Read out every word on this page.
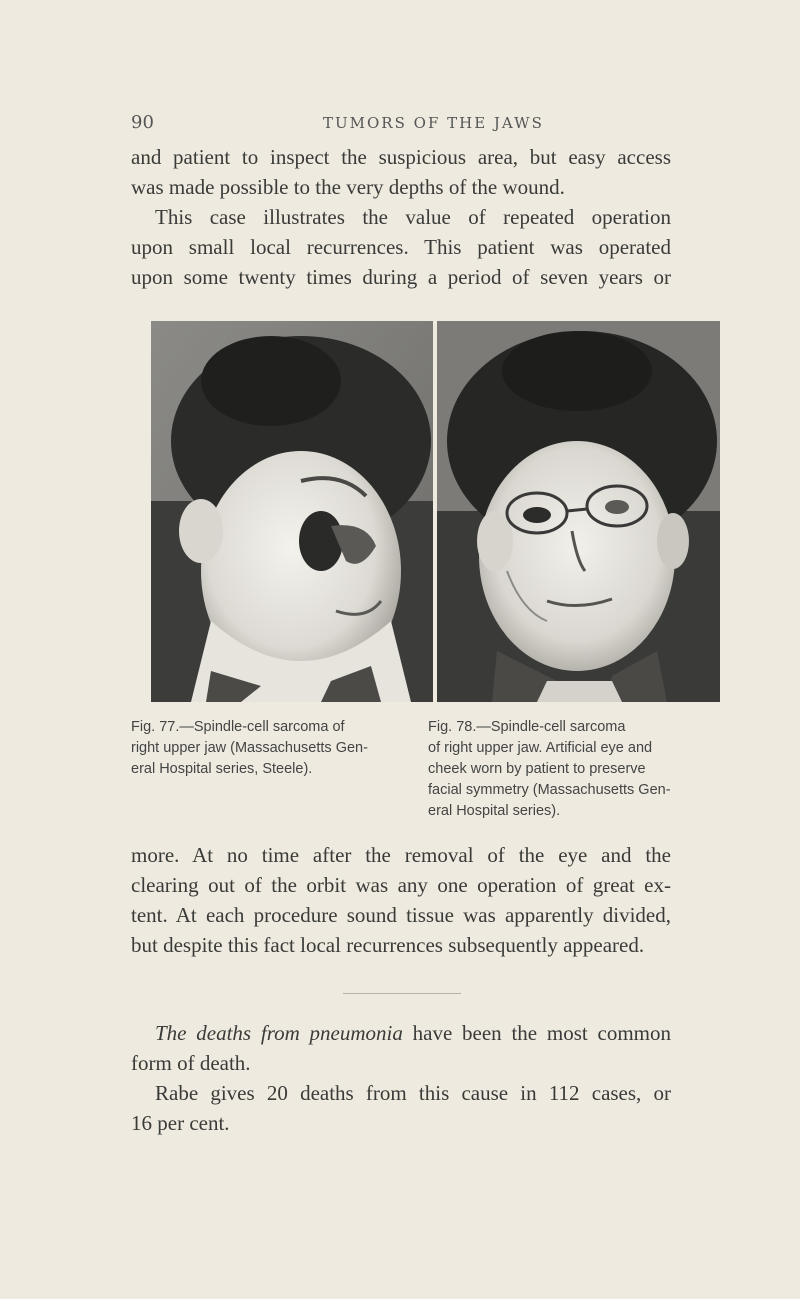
90	TUMORS OF THE JAWS
and patient to inspect the suspicious area, but easy access
was made possible to the very depths of the wound.
This case illustrates the value of repeated operation
upon small local recurrences. This patient was operated
upon some twenty times during a period of seven years or
Fig. 77.—Spindle-cell sarcoma of
right upper jaw (Massachusetts Gen-
eral Hospital series, Steele).
Fig. 78.—Spindle-cell sarcoma
of right upper jaw. Artificial eye and
cheek worn by patient to preserve
facial symmetry (Massachusetts Gen-
eral Hospital series).
more. At no time after the removal of the eye and the
clearing out of the orbit was any one operation of great ex-
tent. At each procedure sound tissue was apparently divided,
but despite this fact local recurrences subsequently appeared.
The deaths from pneumonia have been the most common
form of death.
Rabe gives 20 deaths from this cause in 112 cases, or
16 per cent.
